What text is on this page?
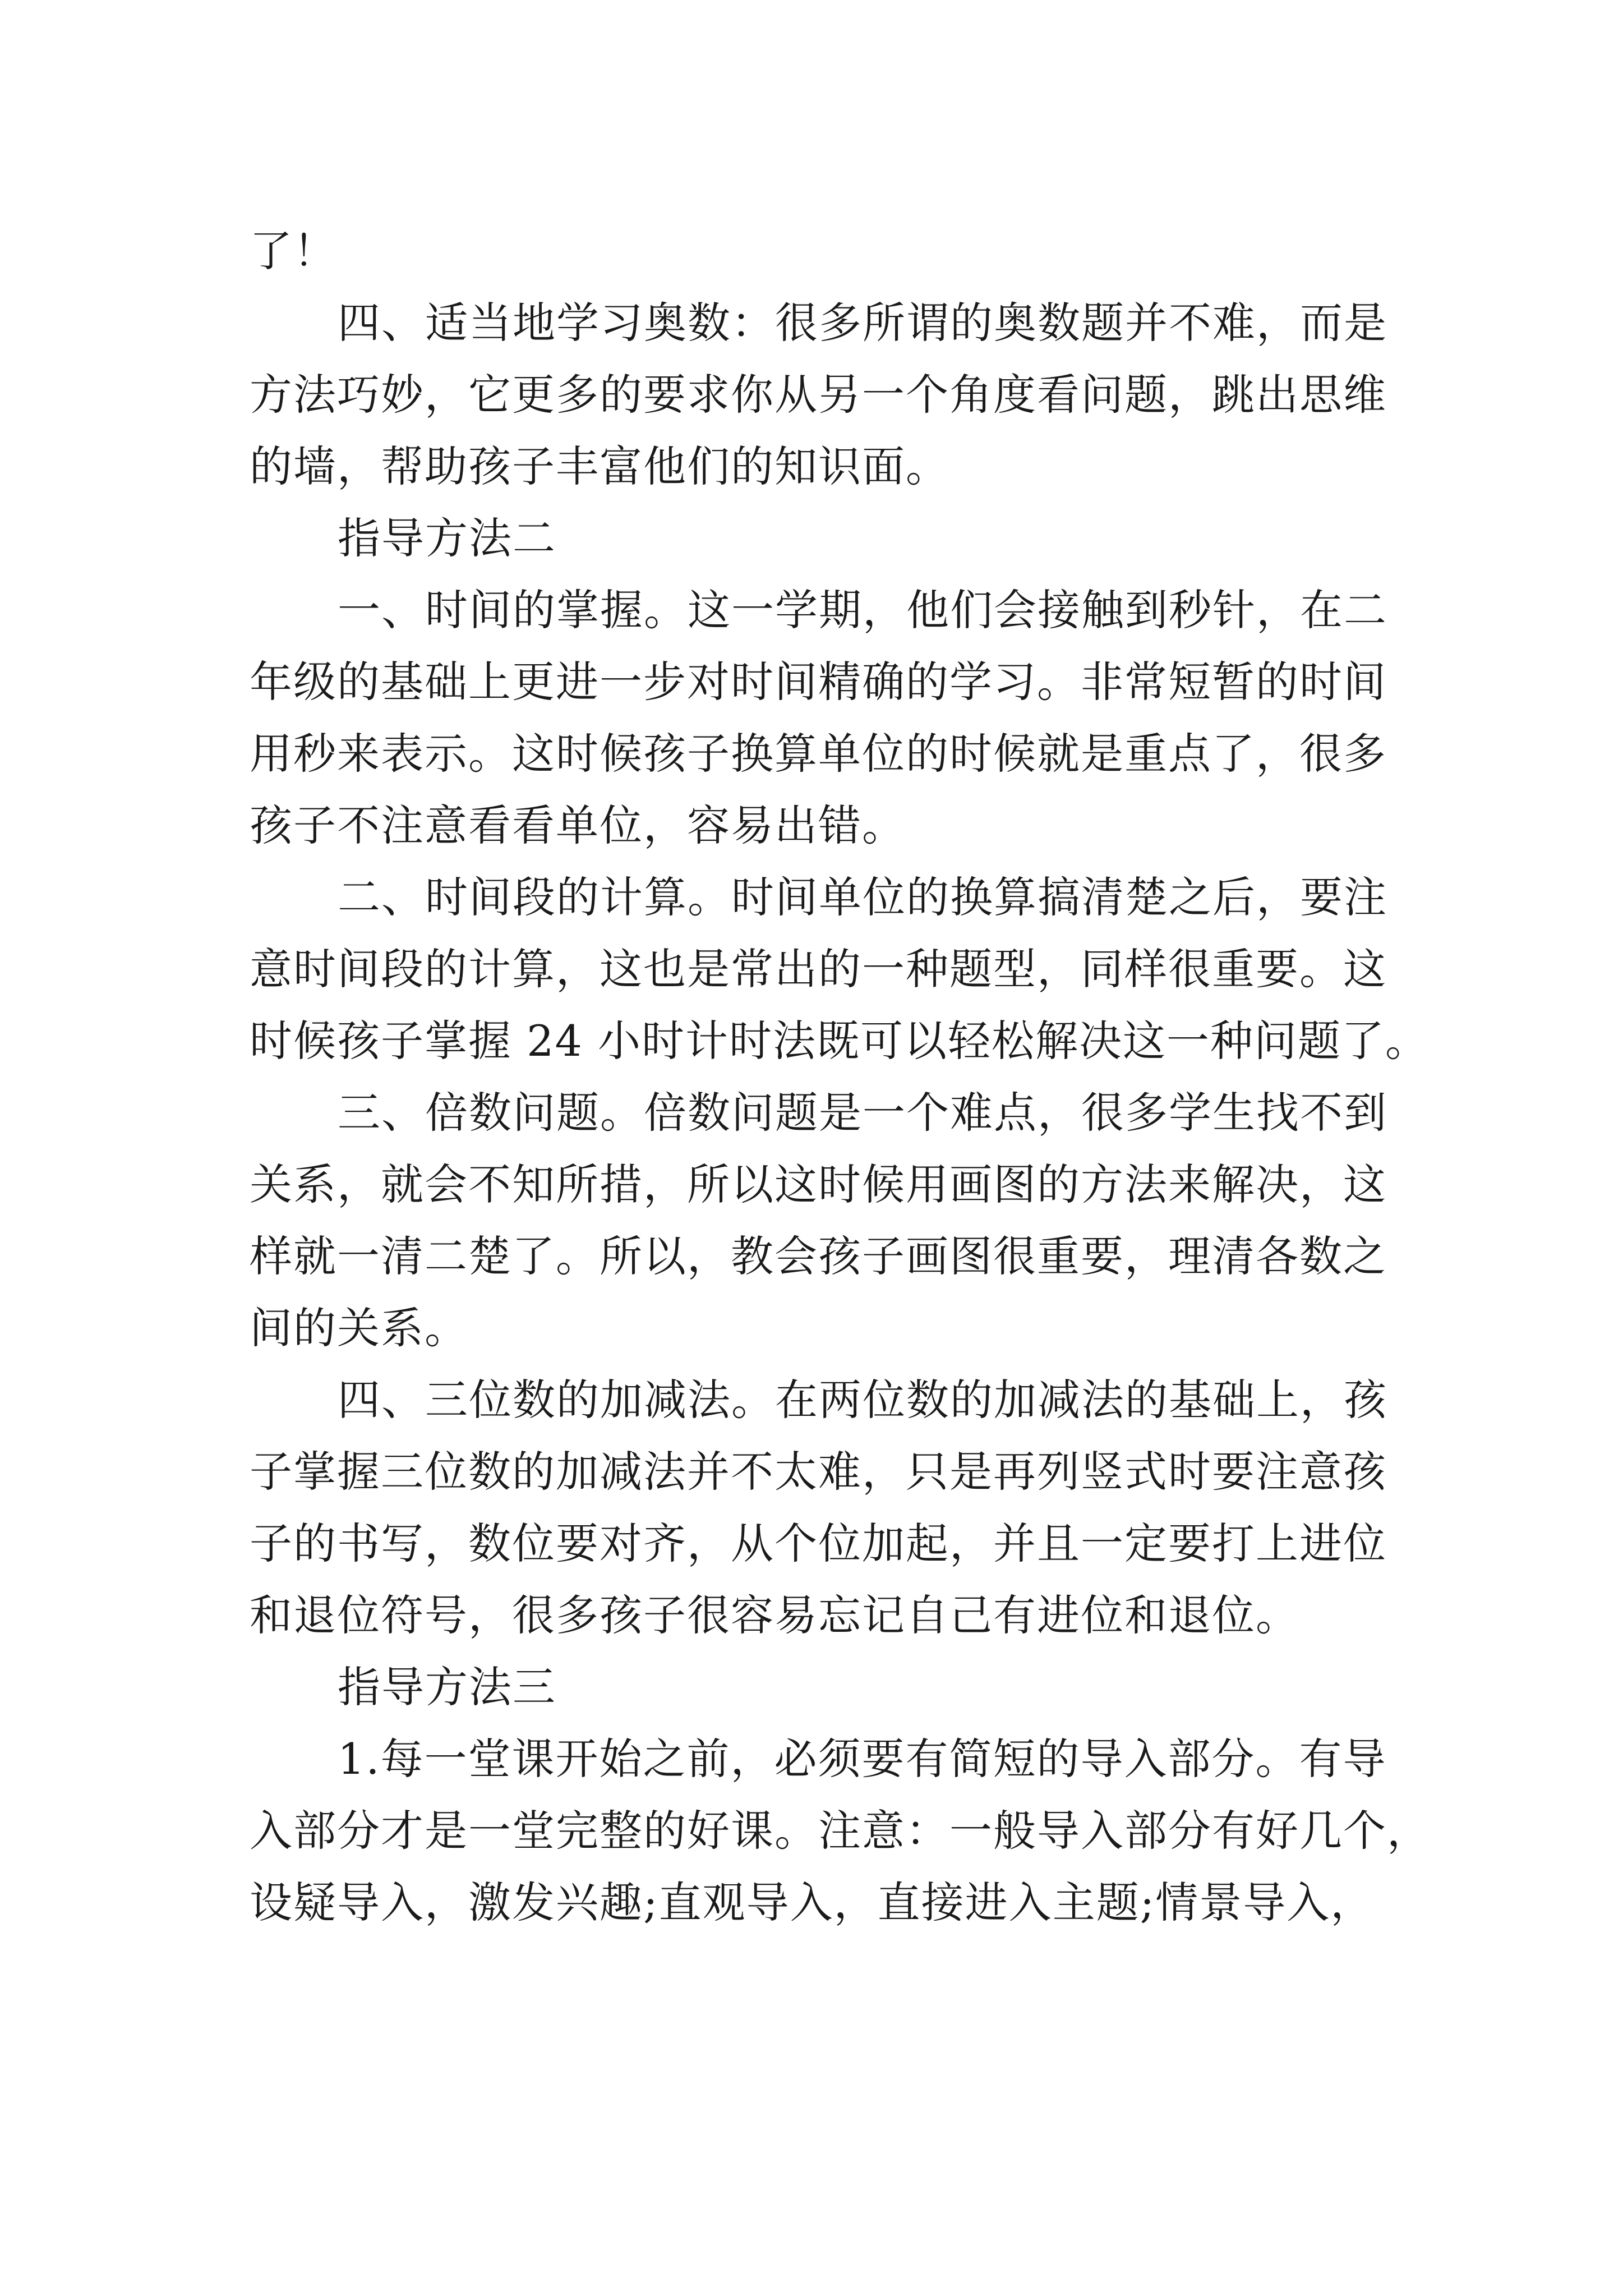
了！
四、适当地学习奥数：很多所谓的奥数题并不难，而是
方法巧妙，它更多的要求你从另一个角度看问题，跳出思维
的墙，帮助孩子丰富他们的知识面。
指导方法二
一、时间的掌握。这一学期，他们会接触到秒针，在二
年级的基础上更进一步对时间精确的学习。非常短暂的时间
用秒来表示。这时候孩子换算单位的时候就是重点了，很多
孩子不注意看看单位，容易出错。
二、时间段的计算。时间单位的换算搞清楚之后，要注
意时间段的计算，这也是常出的一种题型，同样很重要。这
时候孩子掌握 24 小时计时法既可以轻松解决这一种问题了。
三、倍数问题。倍数问题是一个难点，很多学生找不到
关系，就会不知所措，所以这时候用画图的方法来解决，这
样就一清二楚了。所以，教会孩子画图很重要，理清各数之
间的关系。
四、三位数的加减法。在两位数的加减法的基础上，孩
子掌握三位数的加减法并不太难，只是再列竖式时要注意孩
子的书写，数位要对齐，从个位加起，并且一定要打上进位
和退位符号，很多孩子很容易忘记自己有进位和退位。
指导方法三
1.每一堂课开始之前，必须要有简短的导入部分。有导
入部分才是一堂完整的好课。注意：一般导入部分有好几个，
设疑导入，激发兴趣;直观导入，直接进入主题;情景导入，
